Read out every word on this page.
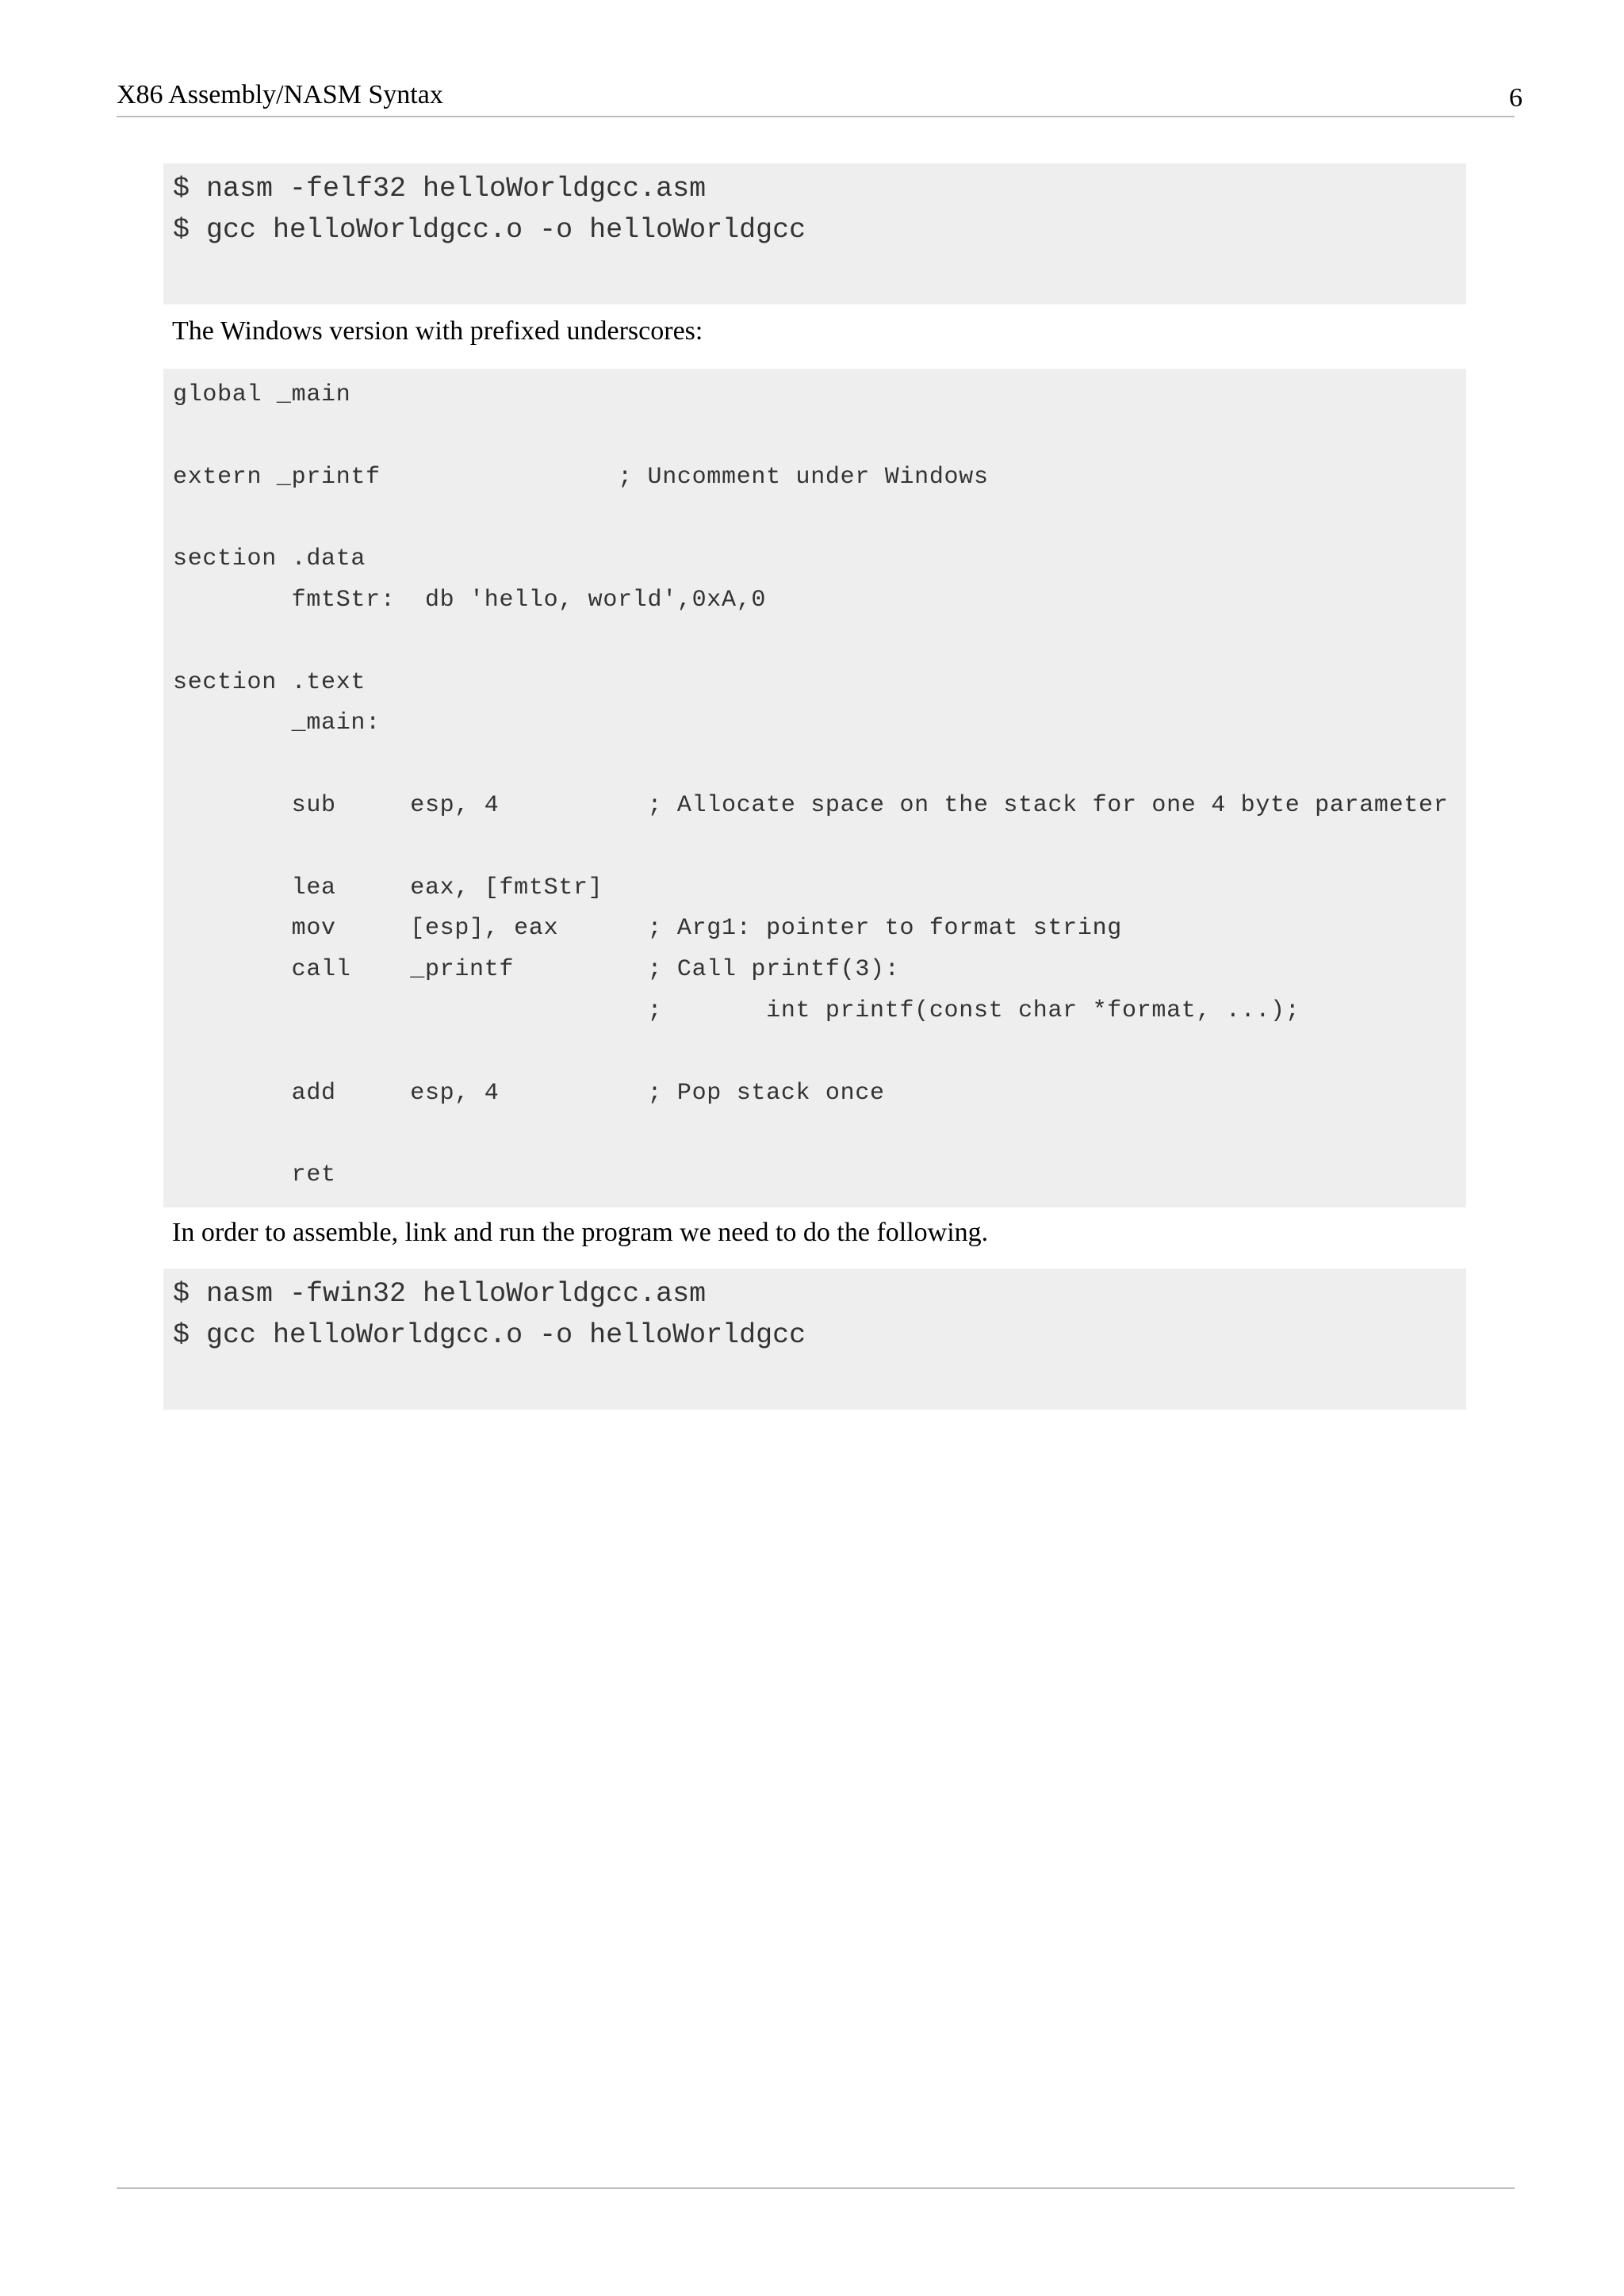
X86 Assembly/NASM Syntax	6
$ nasm -felf32 helloWorldgcc.asm
$ gcc helloWorldgcc.o -o helloWorldgcc
The Windows version with prefixed underscores:
global _main
extern _printf                ; Uncomment under Windows
section .data
fmtStr:  db 'hello, world',0xA,0
section .text
_main:
sub     esp, 4          ; Allocate space on the stack for one 4 byte parameter
lea     eax, [fmtStr]
mov     [esp], eax      ; Arg1: pointer to format string
call    _printf         ; Call printf(3):
;       int printf(const char *format, ...);
add     esp, 4          ; Pop stack once
ret
In order to assemble, link and run the program we need to do the following.
$ nasm -fwin32 helloWorldgcc.asm
$ gcc helloWorldgcc.o -o helloWorldgcc
